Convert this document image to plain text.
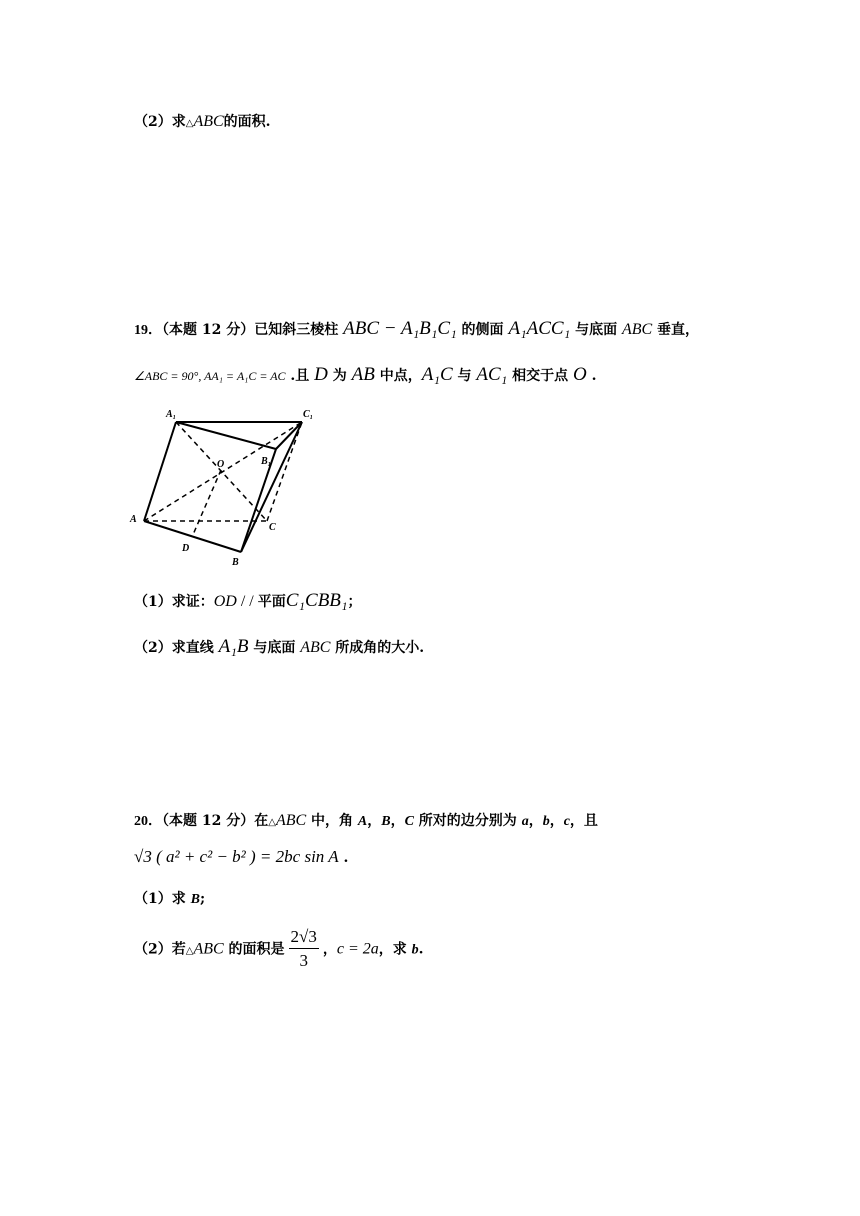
（2）求△ABC的面积.
19．（本题 12 分）已知斜三棱柱 ABC − A₁B₁C₁ 的侧面 A₁ACC₁ 与底面 ABC 垂直，
∠ABC = 90°, AA₁ = A₁C = AC .且 D 为 AB 中点，A₁C 与 AC₁ 相交于点 O .
A₁	C₁
B₁
O
A
C
D
B
（1）求证：OD / / 平面C₁CBB₁；
（2）求直线 A₁B 与底面 ABC 所成角的大小.
20．（本题 12 分）在△ABC 中，角 A，B，C 所对的边分别为 a，b，c，且
√3 ( a² + c² − b² ) = 2bc sin A .
（1）求 B;
（2）若△ABC 的面积是 $\frac{2√3}{3}$ ，c = 2a，求 b.
